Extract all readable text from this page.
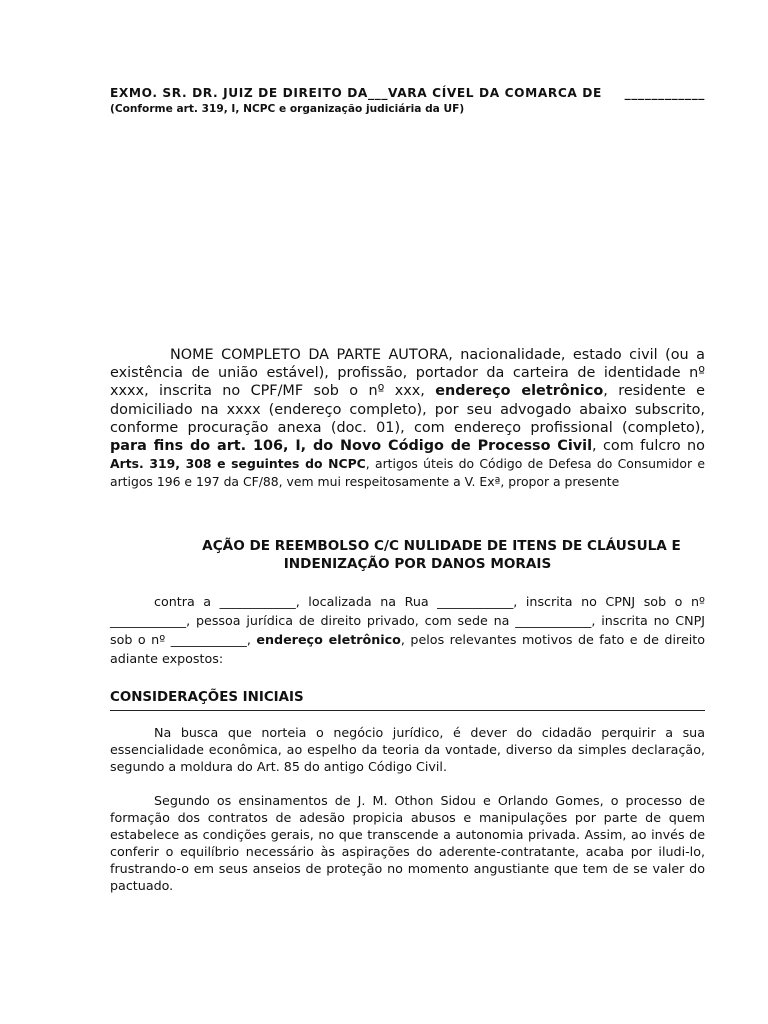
EXMO. SR. DR. JUIZ DE DIREITO DA___VARA CÍVEL DA COMARCA DE ____________
(Conforme art. 319, I, NCPC e organização judiciária da UF)
NOME COMPLETO DA PARTE AUTORA, nacionalidade, estado civil (ou a existência de união estável), profissão, portador da carteira de identidade nº xxxx, inscrita no CPF/MF sob o nº xxx, endereço eletrônico, residente e domiciliado na xxxx (endereço completo), por seu advogado abaixo subscrito, conforme procuração anexa (doc. 01), com endereço profissional (completo), para fins do art. 106, I, do Novo Código de Processo Civil, com fulcro no Arts. 319, 308 e seguintes do NCPC, artigos úteis do Código de Defesa do Consumidor e artigos 196 e 197 da CF/88, vem mui respeitosamente a V. Exª, propor a presente
AÇÃO DE REEMBOLSO C/C NULIDADE DE ITENS DE CLÁUSULA E
INDENIZAÇÃO POR DANOS MORAIS
contra a ____________, localizada na Rua ____________, inscrita no CPNJ sob o nº ____________, pessoa jurídica de direito privado, com sede na ____________, inscrita no CNPJ sob o nº ____________, endereço eletrônico, pelos relevantes motivos de fato e de direito adiante expostos:
CONSIDERAÇÕES INICIAIS
Na busca que norteia o negócio jurídico, é dever do cidadão perquirir a sua essencialidade econômica, ao espelho da teoria da vontade, diverso da simples declaração, segundo a moldura do Art. 85 do antigo Código Civil.
Segundo os ensinamentos de J. M. Othon Sidou e Orlando Gomes, o processo de formação dos contratos de adesão propicia abusos e manipulações por parte de quem estabelece as condições gerais, no que transcende a autonomia privada. Assim, ao invés de conferir o equilíbrio necessário às aspirações do aderente-contratante, acaba por iludi-lo, frustrando-o em seus anseios de proteção no momento angustiante que tem de se valer do pactuado.
